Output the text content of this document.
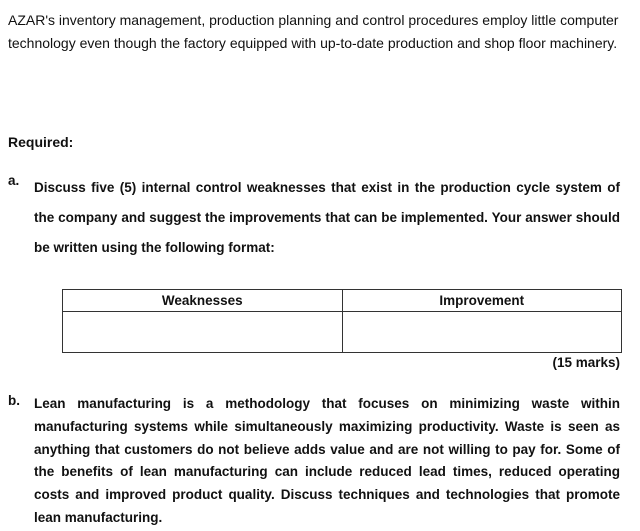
AZAR's inventory management, production planning and control procedures employ little computer technology even though the factory equipped with up-to-date production and shop floor machinery.
Required:
a.	Discuss five (5) internal control weaknesses that exist in the production cycle system of the company and suggest the improvements that can be implemented. Your answer should be written using the following format:
Weaknesses	Improvement

(15 marks)
b.	Lean manufacturing is a methodology that focuses on minimizing waste within manufacturing systems while simultaneously maximizing productivity. Waste is seen as anything that customers do not believe adds value and are not willing to pay for. Some of the benefits of lean manufacturing can include reduced lead times, reduced operating costs and improved product quality. Discuss techniques and technologies that promote lean manufacturing.
